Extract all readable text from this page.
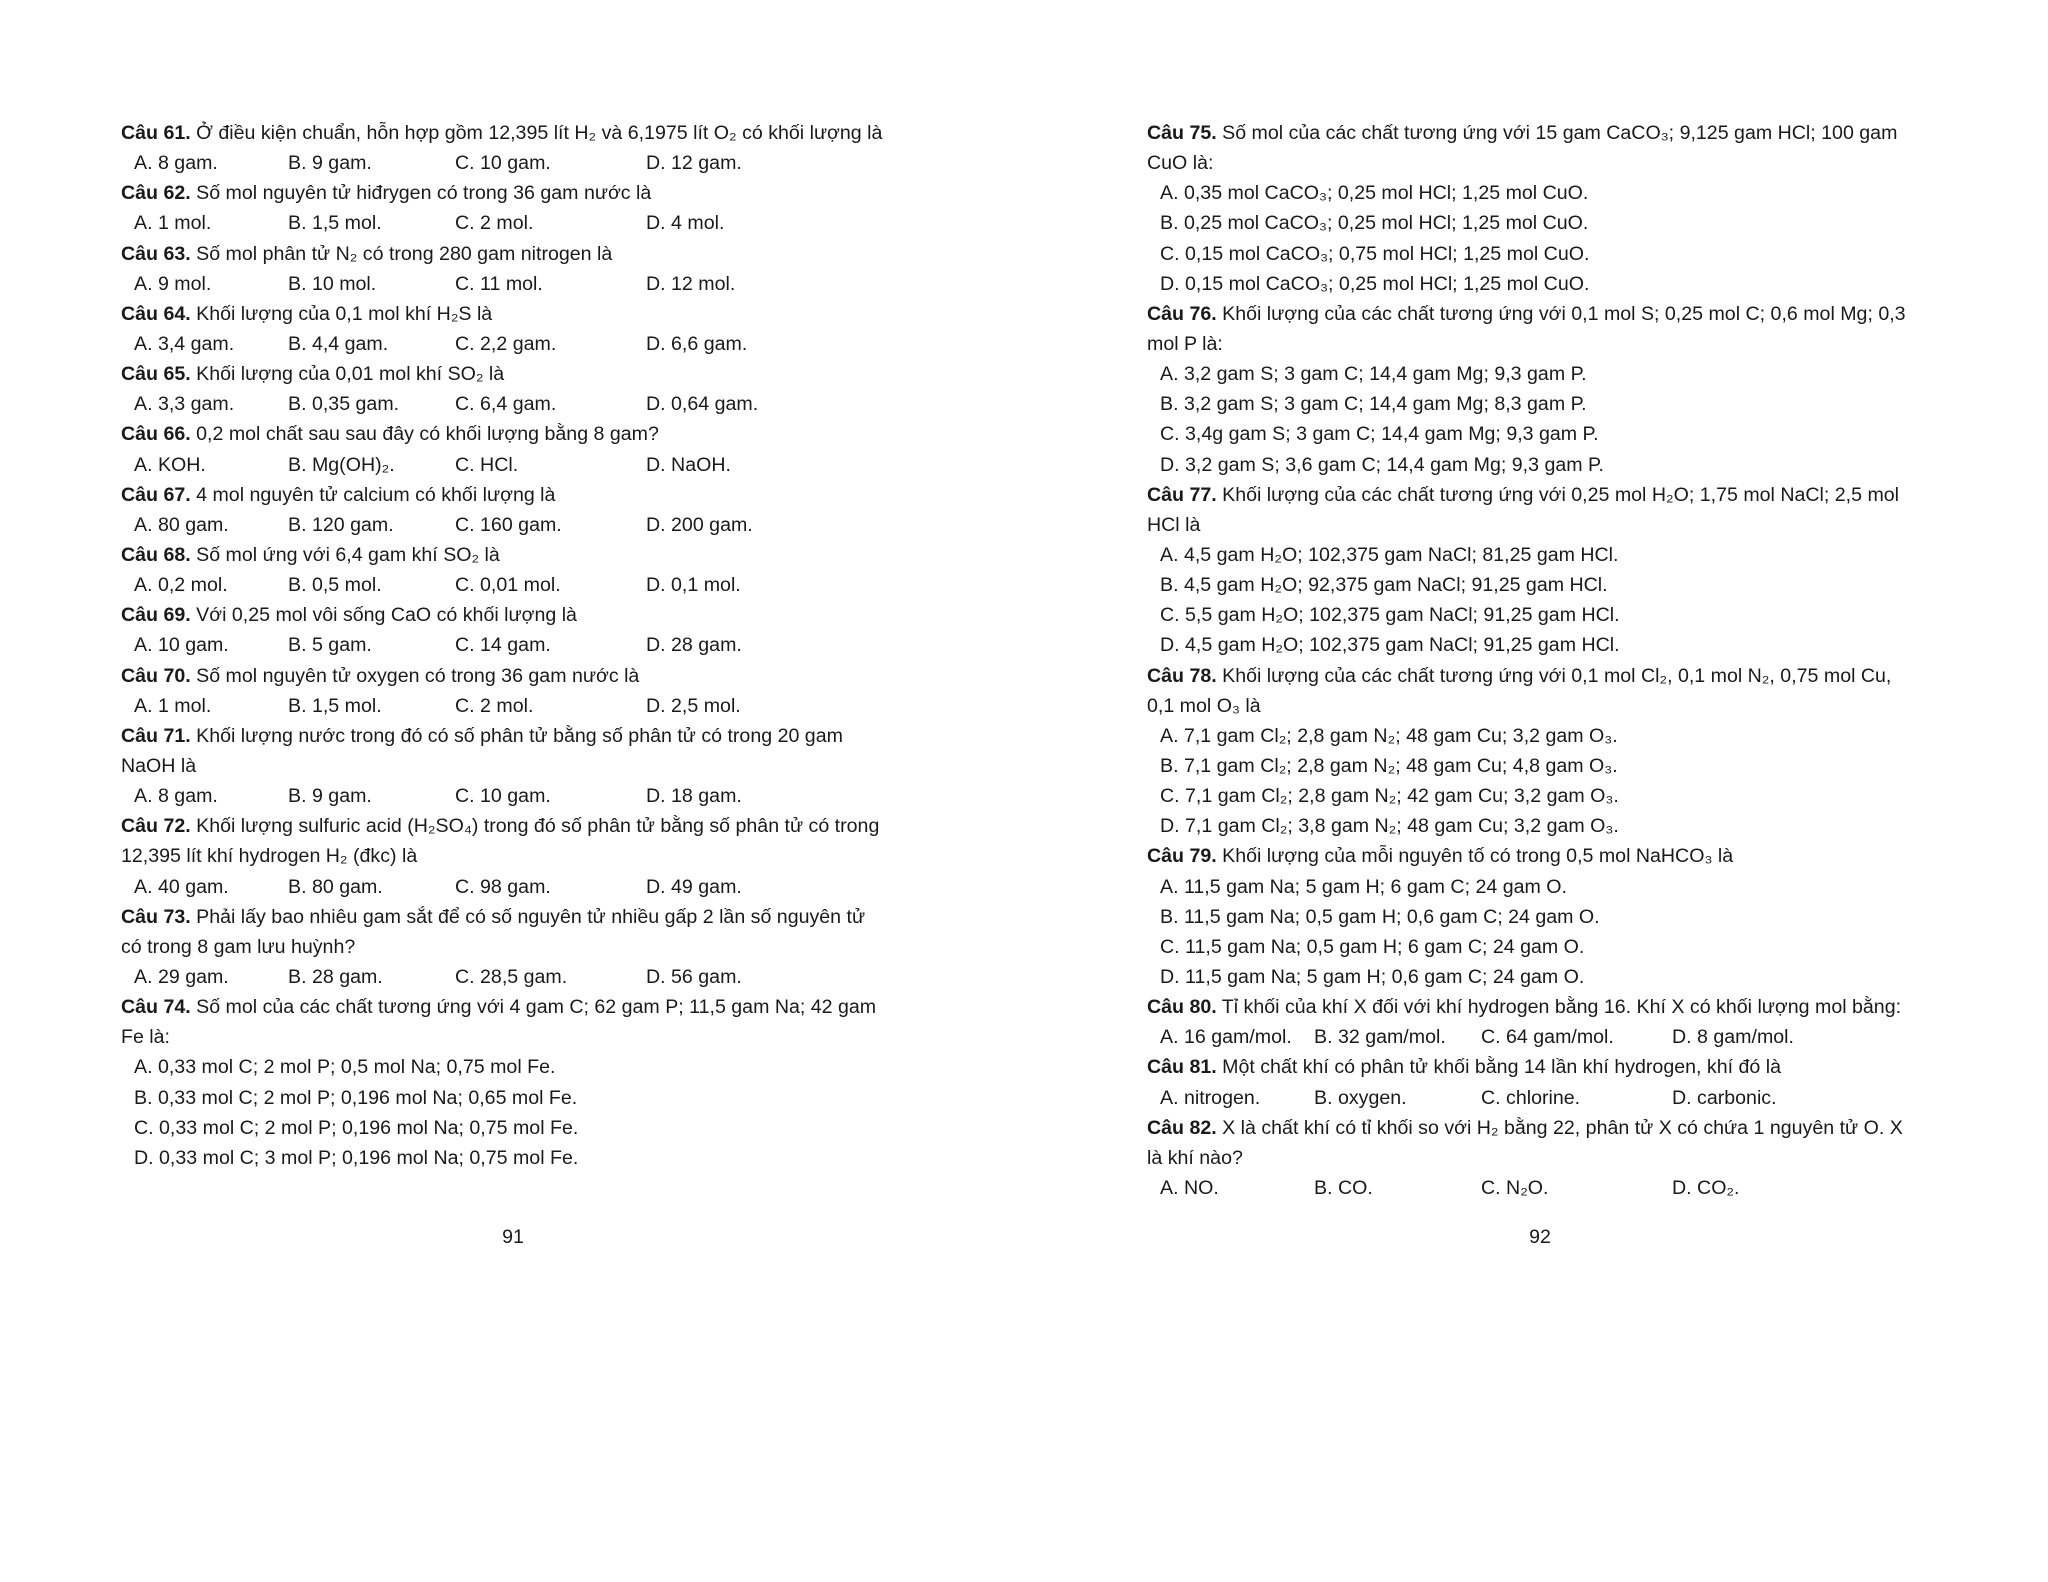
Câu 61. Ở điều kiện chuẩn, hỗn hợp gồm 12,395 lít H₂ và 6,1975 lít O₂ có khối lượng là
A. 8 gam.	B. 9 gam.	C. 10 gam.	D. 12 gam.
Câu 62. Số mol nguyên tử hiđrygen có trong 36 gam nước là
A. 1 mol.	B. 1,5 mol.	C. 2 mol.	D. 4 mol.
Câu 63. Số mol phân tử N₂ có trong 280 gam nitrogen là
A. 9 mol.	B. 10 mol.	C. 11 mol.	D. 12 mol.
Câu 64. Khối lượng của 0,1 mol khí H₂S là
A. 3,4 gam.	B. 4,4 gam.	C. 2,2 gam.	D. 6,6 gam.
Câu 65. Khối lượng của 0,01 mol khí SO₂ là
A. 3,3 gam.	B. 0,35 gam.	C. 6,4 gam.	D. 0,64 gam.
Câu 66. 0,2 mol chất sau sau đây có khối lượng bằng 8 gam?
A. KOH.	B. Mg(OH)₂.	C. HCl.	D. NaOH.
Câu 67. 4 mol nguyên tử calcium có khối lượng là
A. 80 gam.	B. 120 gam.	C. 160 gam.	D. 200 gam.
Câu 68. Số mol ứng với 6,4 gam khí SO₂ là
A. 0,2 mol.	B. 0,5 mol.	C. 0,01 mol.	D. 0,1 mol.
Câu 69. Với 0,25 mol vôi sống CaO có khối lượng là
A. 10 gam.	B. 5 gam.	C. 14 gam.	D. 28 gam.
Câu 70. Số mol nguyên tử oxygen có trong 36 gam nước là
A. 1 mol.	B. 1,5 mol.	C. 2 mol.	D. 2,5 mol.
Câu 71. Khối lượng nước trong đó có số phân tử bằng số phân tử có trong 20 gam
NaOH là
A. 8 gam.	B. 9 gam.	C. 10 gam.	D. 18 gam.
Câu 72. Khối lượng sulfuric acid (H₂SO₄) trong đó số phân tử bằng số phân tử có trong
12,395 lít khí hydrogen H₂ (đkc) là
A. 40 gam.	B. 80 gam.	C. 98 gam.	D. 49 gam.
Câu 73. Phải lấy bao nhiêu gam sắt để có số nguyên tử nhiều gấp 2 lần số nguyên tử
có trong 8 gam lưu huỳnh?
A. 29 gam.	B. 28 gam.	C. 28,5 gam.	D. 56 gam.
Câu 74. Số mol của các chất tương ứng với 4 gam C; 62 gam P; 11,5 gam Na; 42 gam
Fe là:
A. 0,33 mol C; 2 mol P; 0,5 mol Na; 0,75 mol Fe.
B. 0,33 mol C; 2 mol P; 0,196 mol Na; 0,65 mol Fe.
C. 0,33 mol C; 2 mol P; 0,196 mol Na; 0,75 mol Fe.
D. 0,33 mol C; 3 mol P; 0,196 mol Na; 0,75 mol Fe.
91
Câu 75. Số mol của các chất tương ứng với 15 gam CaCO₃; 9,125 gam HCl; 100 gam
CuO là:
A. 0,35 mol CaCO₃; 0,25 mol HCl; 1,25 mol CuO.
B. 0,25 mol CaCO₃; 0,25 mol HCl; 1,25 mol CuO.
C. 0,15 mol CaCO₃; 0,75 mol HCl; 1,25 mol CuO.
D. 0,15 mol CaCO₃; 0,25 mol HCl; 1,25 mol CuO.
Câu 76. Khối lượng của các chất tương ứng với 0,1 mol S; 0,25 mol C; 0,6 mol Mg; 0,3
mol P là:
A. 3,2 gam S; 3 gam C; 14,4 gam Mg; 9,3 gam P.
B. 3,2 gam S; 3 gam C; 14,4 gam Mg; 8,3 gam P.
C. 3,4g gam S; 3 gam C; 14,4 gam Mg; 9,3 gam P.
D. 3,2 gam S; 3,6 gam C; 14,4 gam Mg; 9,3 gam P.
Câu 77. Khối lượng của các chất tương ứng với 0,25 mol H₂O; 1,75 mol NaCl; 2,5 mol
HCl là
A. 4,5 gam H₂O; 102,375 gam NaCl; 81,25 gam HCl.
B. 4,5 gam H₂O; 92,375 gam NaCl; 91,25 gam HCl.
C. 5,5 gam H₂O; 102,375 gam NaCl; 91,25 gam HCl.
D. 4,5 gam H₂O; 102,375 gam NaCl; 91,25 gam HCl.
Câu 78. Khối lượng của các chất tương ứng với 0,1 mol Cl₂, 0,1 mol N₂, 0,75 mol Cu,
0,1 mol O₃ là
A. 7,1 gam Cl₂; 2,8 gam N₂; 48 gam Cu; 3,2 gam O₃.
B. 7,1 gam Cl₂; 2,8 gam N₂; 48 gam Cu; 4,8 gam O₃.
C. 7,1 gam Cl₂; 2,8 gam N₂; 42 gam Cu; 3,2 gam O₃.
D. 7,1 gam Cl₂; 3,8 gam N₂; 48 gam Cu; 3,2 gam O₃.
Câu 79. Khối lượng của mỗi nguyên tố có trong 0,5 mol NaHCO₃ là
A. 11,5 gam Na; 5 gam H; 6 gam C; 24 gam O.
B. 11,5 gam Na; 0,5 gam H; 0,6 gam C; 24 gam O.
C. 11,5 gam Na; 0,5 gam H; 6 gam C; 24 gam O.
D. 11,5 gam Na; 5 gam H; 0,6 gam C; 24 gam O.
Câu 80. Tỉ khối của khí X đối với khí hydrogen bằng 16. Khí X có khối lượng mol bằng:
A. 16 gam/mol.	B. 32 gam/mol.	C. 64 gam/mol.	D. 8 gam/mol.
Câu 81. Một chất khí có phân tử khối bằng 14 lần khí hydrogen, khí đó là
A. nitrogen.	B. oxygen.	C. chlorine.	D. carbonic.
Câu 82. X là chất khí có tỉ khối so với H₂ bằng 22, phân tử X có chứa 1 nguyên tử O. X
là khí nào?
A. NO.	B. CO.	C. N₂O.	D. CO₂.
92
